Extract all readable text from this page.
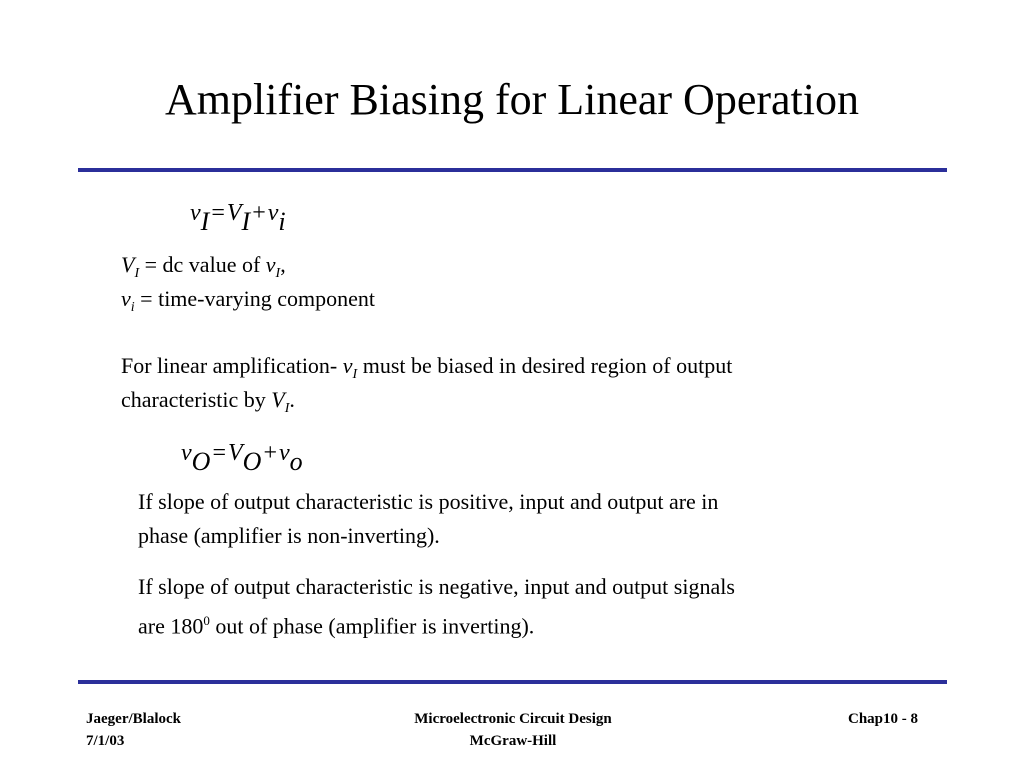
Amplifier Biasing for Linear Operation
vI=VI+vi
$V_I$ = dc value of $v_I$,
$v_i$ = time-varying component
For linear amplification- $v_I$ must be biased in desired region of output
characteristic by $V_I$.
vO=VO+vo
If slope of output characteristic is positive, input and output are in
phase (amplifier is non-inverting).
If slope of output characteristic is negative, input and output signals
are $180^0$ out of phase (amplifier is inverting).
Jaeger/Blalock
7/1/03
Microelectronic Circuit Design
McGraw-Hill
Chap10 - 8
